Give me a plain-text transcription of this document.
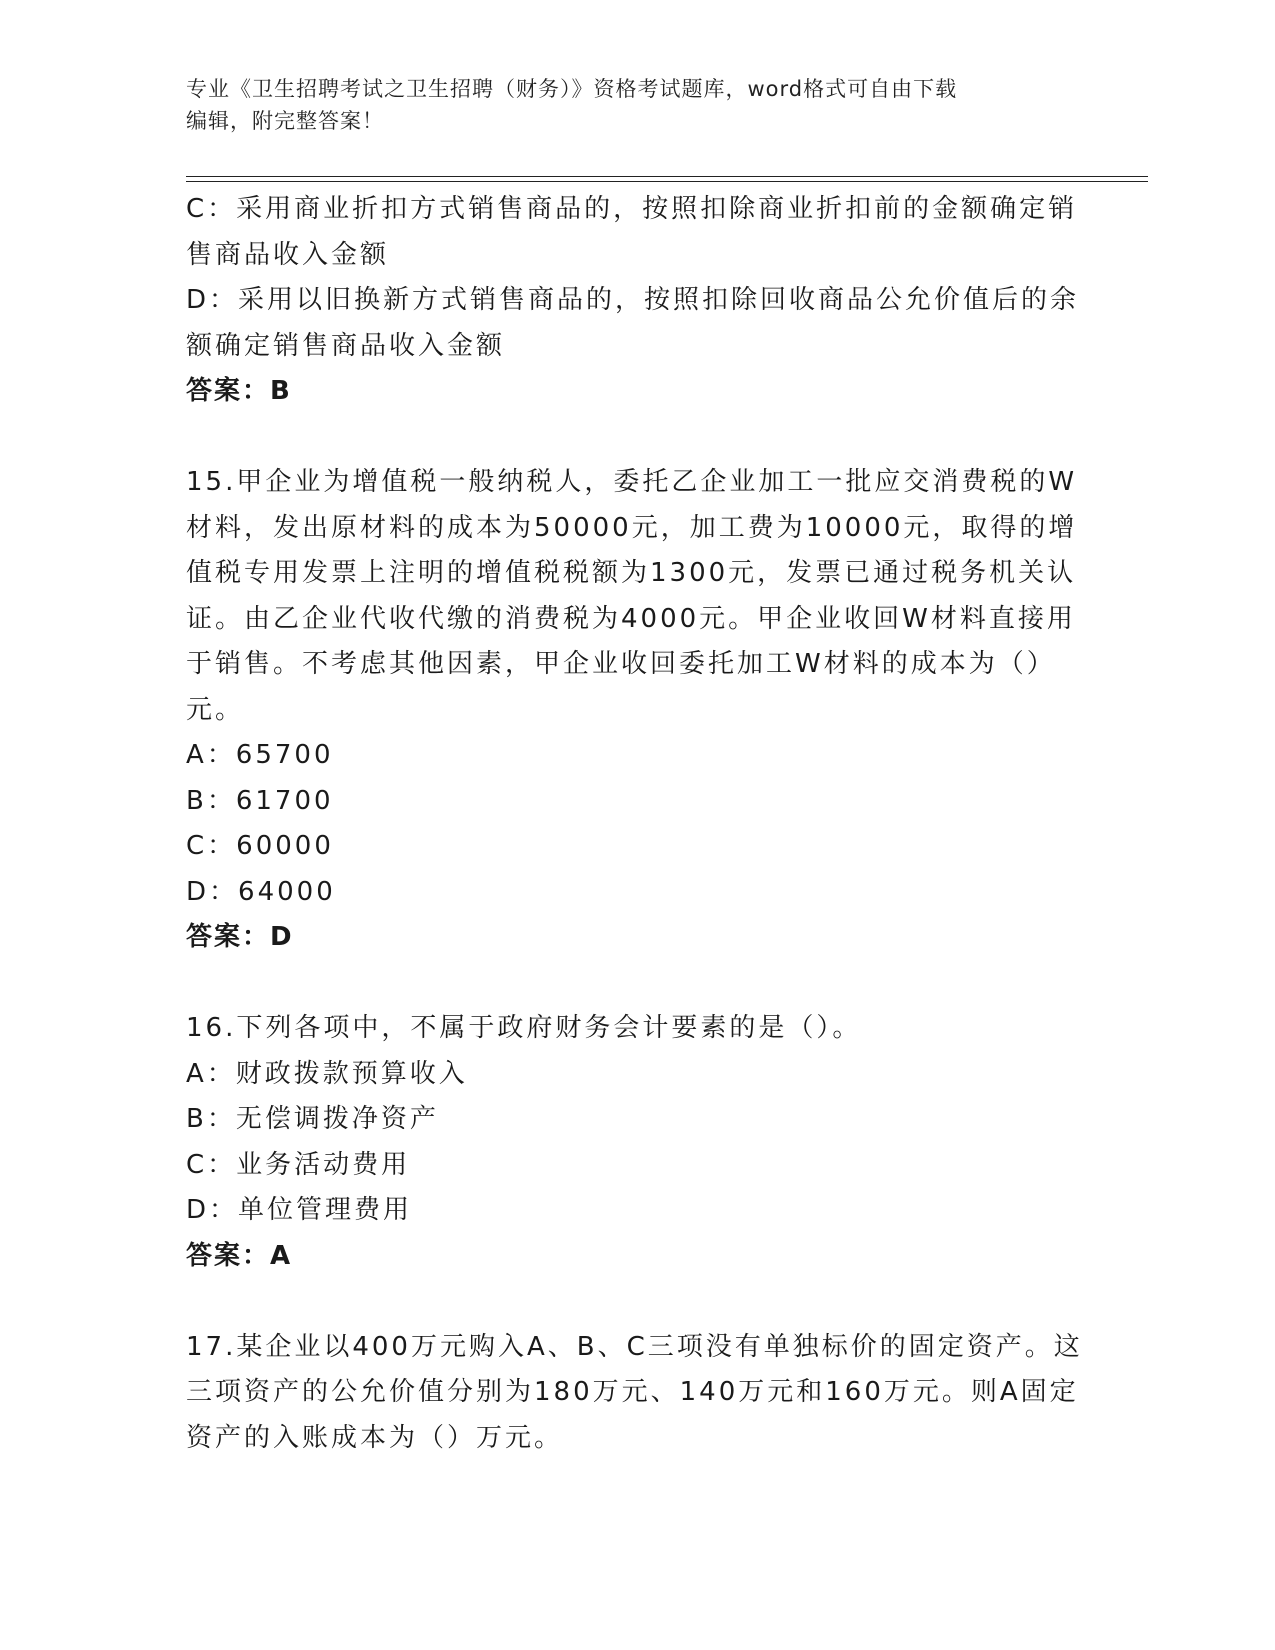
专业《卫生招聘考试之卫生招聘（财务）》资格考试题库，word格式可自由下载
编辑，附完整答案！
C：采用商业折扣方式销售商品的，按照扣除商业折扣前的金额确定销
售商品收入金额
D：采用以旧换新方式销售商品的，按照扣除回收商品公允价值后的余
额确定销售商品收入金额
答案：B
15.甲企业为增值税一般纳税人，委托乙企业加工一批应交消费税的W
材料，发出原材料的成本为50000元，加工费为10000元，取得的增
值税专用发票上注明的增值税税额为1300元，发票已通过税务机关认
证。由乙企业代收代缴的消费税为4000元。甲企业收回W材料直接用
于销售。不考虑其他因素，甲企业收回委托加工W材料的成本为（）
元。
A：65700
B：61700
C：60000
D：64000
答案：D
16.下列各项中，不属于政府财务会计要素的是（）。
A：财政拨款预算收入
B：无偿调拨净资产
C：业务活动费用
D：单位管理费用
答案：A
17.某企业以400万元购入A、B、C三项没有单独标价的固定资产。这
三项资产的公允价值分别为180万元、140万元和160万元。则A固定
资产的入账成本为（）万元。
